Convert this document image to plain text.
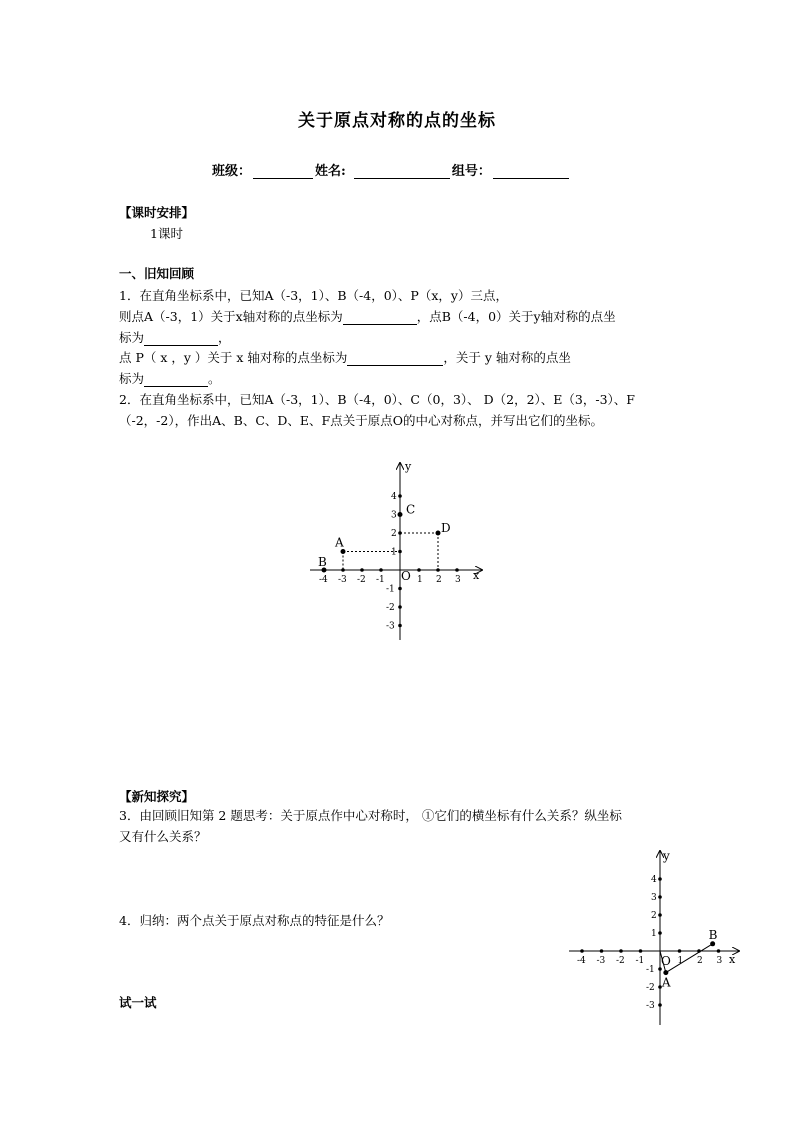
关于原点对称的点的坐标
班级：	姓名:	组号：
【课时安排】
1课时
一、旧知回顾
1．在直角坐标系中，已知A（-3，1）、B（-4，0）、P（x，y）三点，
则点A（-3，1）关于x轴对称的点坐标为	，点B（-4，0）关于y轴对称的点坐
标为	，
点 P（ x ，y ）关于 x 轴对称的点坐标为	，关于 y 轴对称的点坐
标为	。
2．在直角坐标系中，已知A（-3，1）、B（-4，0）、C（0，3）、 D（2，2）、E（3，-3）、F
（-2，-2），作出A、B、C、D、E、F点关于原点O的中心对称点，并写出它们的坐标。
-4 -3 -2 -1	1 2 3
4
3
2
1
-1
-2
-3
A
B
C
D
x
y
O
【新知探究】
3．由回顾旧知第 2 题思考：关于原点作中心对称时， ①它们的横坐标有什么关系？纵坐标
又有什么关系？
4．归纳：两个点关于原点对称点的特征是什么？
试一试
-4 -3 -2 -1	1 2 3
4
3
2
1
-1
-2
-3
A
B
x
y
O
